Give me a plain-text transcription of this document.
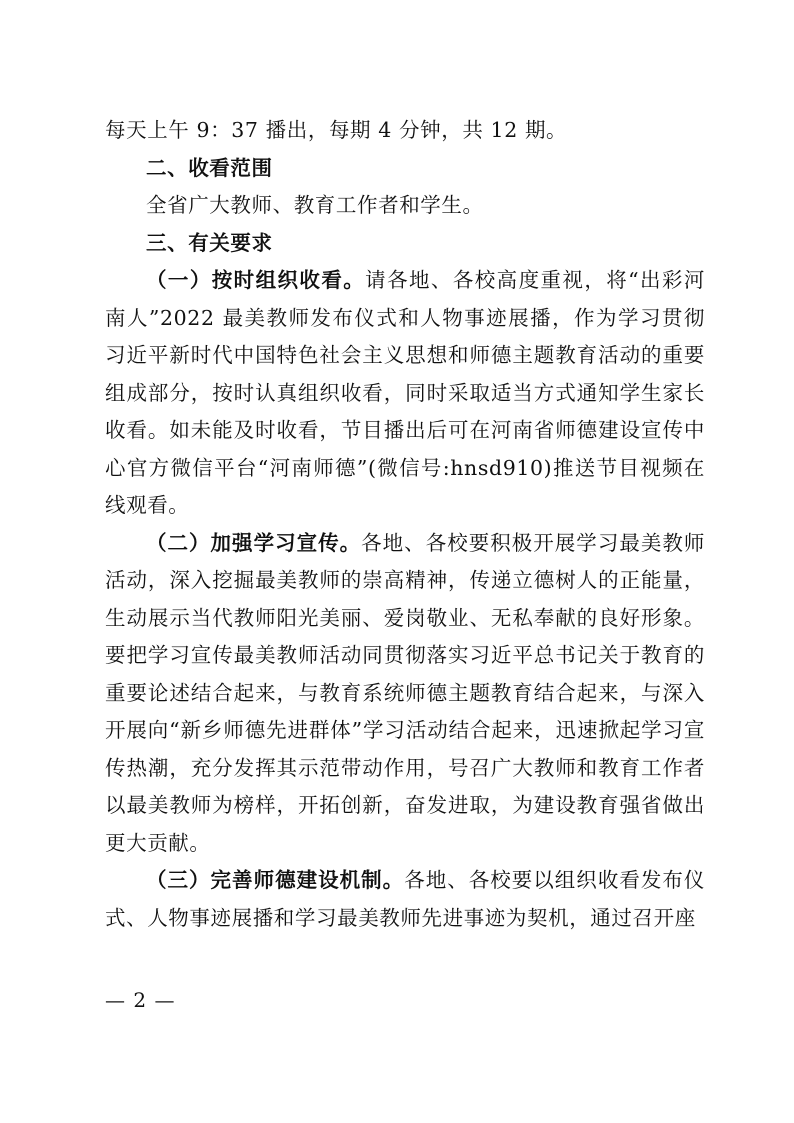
每天上午 9：37 播出，每期 4 分钟，共 12 期。

二、收看范围

全省广大教师、教育工作者和学生。

三、有关要求

（一）按时组织收看。请各地、各校高度重视，将“出彩河南人”2022 最美教师发布仪式和人物事迹展播，作为学习贯彻习近平新时代中国特色社会主义思想和师德主题教育活动的重要组成部分，按时认真组织收看，同时采取适当方式通知学生家长收看。如未能及时收看，节目播出后可在河南省师德建设宣传中心官方微信平台“河南师德”(微信号:hnsd910)推送节目视频在线观看。

（二）加强学习宣传。各地、各校要积极开展学习最美教师活动，深入挖掘最美教师的崇高精神，传递立德树人的正能量，生动展示当代教师阳光美丽、爱岗敬业、无私奉献的良好形象。要把学习宣传最美教师活动同贯彻落实习近平总书记关于教育的重要论述结合起来，与教育系统师德主题教育结合起来，与深入开展向“新乡师德先进群体”学习活动结合起来，迅速掀起学习宣传热潮，充分发挥其示范带动作用，号召广大教师和教育工作者以最美教师为榜样，开拓创新，奋发进取，为建设教育强省做出更大贡献。

（三）完善师德建设机制。各地、各校要以组织收看发布仪式、人物事迹展播和学习最美教师先进事迹为契机，通过召开座

— 2 —
